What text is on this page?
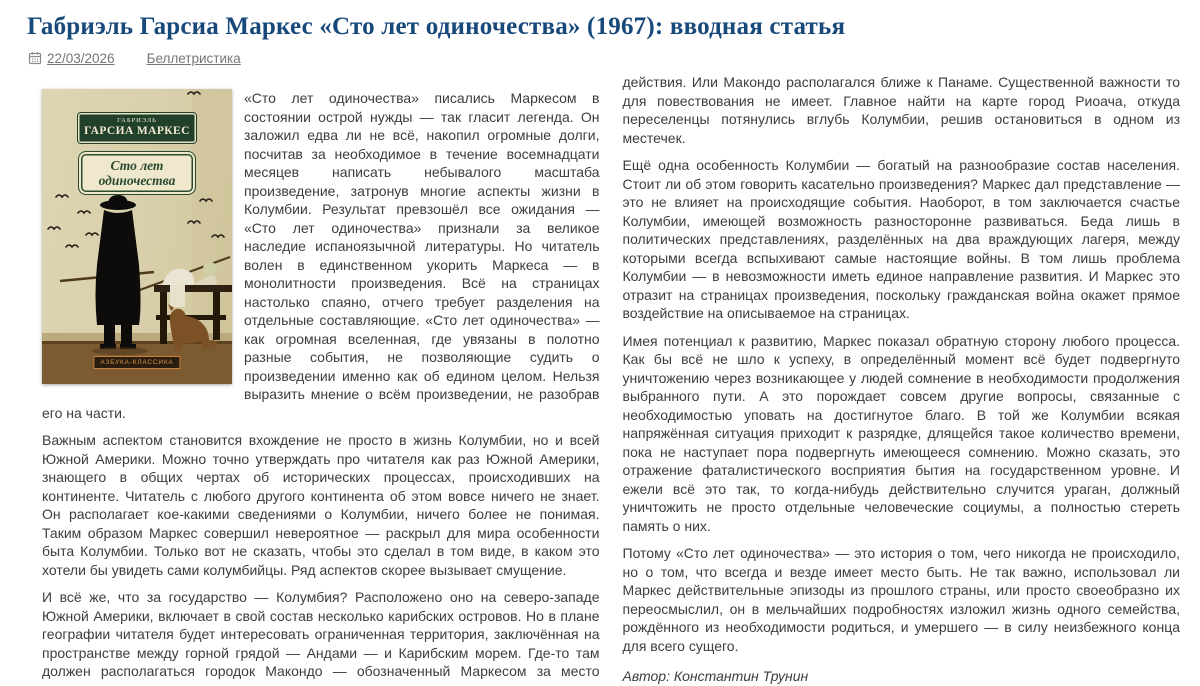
Габриэль Гарсиа Маркес «Сто лет одиночества» (1967): вводная статья
22/03/2026 Беллетристика
ГАБРИЭЛЬ
ГАРСИА МАРКЕС
Сто лет одиночества
АЗБУКА-КЛАССИКА

«Сто лет одиночества» писались Маркесом в состоянии острой нужды — так гласит легенда. Он заложил едва ли не всё, накопил огромные долги, посчитав за необходимое в течение восемнадцати месяцев написать небывалого масштаба произведение, затронув многие аспекты жизни в Колумбии. Результат превзошёл все ожидания — «Сто лет одиночества» признали за великое наследие испаноязычной литературы. Но читатель волен в единственном укорить Маркеса — в монолитности произведения. Всё на страницах настолько спаяно, отчего требует разделения на отдельные составляющие. «Сто лет одиночества» — как огромная вселенная, где увязаны в полотно разные события, не позволяющие судить о произведении именно как об едином целом. Нельзя выразить мнение о всём произведении, не разобрав его на части.

Важным аспектом становится вхождение не просто в жизнь Колумбии, но и всей Южной Америки. Можно точно утверждать про читателя как раз Южной Америки, знающего в общих чертах об исторических процессах, происходивших на континенте. Читатель с любого другого континента об этом вовсе ничего не знает. Он располагает кое-какими сведениями о Колумбии, ничего более не понимая. Таким образом Маркес совершил невероятное — раскрыл для мира особенности быта Колумбии. Только вот не сказать, чтобы это сделал в том виде, в каком это хотели бы увидеть сами колумбийцы. Ряд аспектов скорее вызывает смущение.

И всё же, что за государство — Колумбия? Расположено оно на северо-западе Южной Америки, включает в свой состав несколько карибских островов. Но в плане географии читателя будет интересовать ограниченная территория, заключённая на пространстве между горной грядой — Андами — и Карибским морем. Где-то там должен располагаться городок Макондо — обозначенный Маркесом за место

действия. Или Макондо располагался ближе к Панаме. Существенной важности то для повествования не имеет. Главное найти на карте город Риоача, откуда переселенцы потянулись вглубь Колумбии, решив остановиться в одном из местечек.

Ещё одна особенность Колумбии — богатый на разнообразие состав населения. Стоит ли об этом говорить касательно произведения? Маркес дал представление — это не влияет на происходящие события. Наоборот, в том заключается счастье Колумбии, имеющей возможность разносторонне развиваться. Беда лишь в политических представлениях, разделённых на два враждующих лагеря, между которыми всегда вспыхивают самые настоящие войны. В том лишь проблема Колумбии — в невозможности иметь единое направление развития. И Маркес это отразит на страницах произведения, поскольку гражданская война окажет прямое воздействие на описываемое на страницах.

Имея потенциал к развитию, Маркес показал обратную сторону любого процесса. Как бы всё не шло к успеху, в определённый момент всё будет подвергнуто уничтожению через возникающее у людей сомнение в необходимости продолжения выбранного пути. А это порождает совсем другие вопросы, связанные с необходимостью уповать на достигнутое благо. В той же Колумбии всякая напряжённая ситуация приходит к разрядке, длящейся такое количество времени, пока не наступает пора подвергнуть имеющееся сомнению. Можно сказать, это отражение фаталистического восприятия бытия на государственном уровне. И ежели всё это так, то когда-нибудь действительно случится ураган, должный уничтожить не просто отдельные человеческие социумы, а полностью стереть память о них.

Потому «Сто лет одиночества» — это история о том, чего никогда не происходило, но о том, что всегда и везде имеет место быть. Не так важно, использовал ли Маркес действительные эпизоды из прошлого страны, или просто своеобразно их переосмыслил, он в мельчайших подробностях изложил жизнь одного семейства, рождённого из необходимости родиться, и умершего — в силу неизбежного конца для всего сущего.

Автор: Константин Трунин
